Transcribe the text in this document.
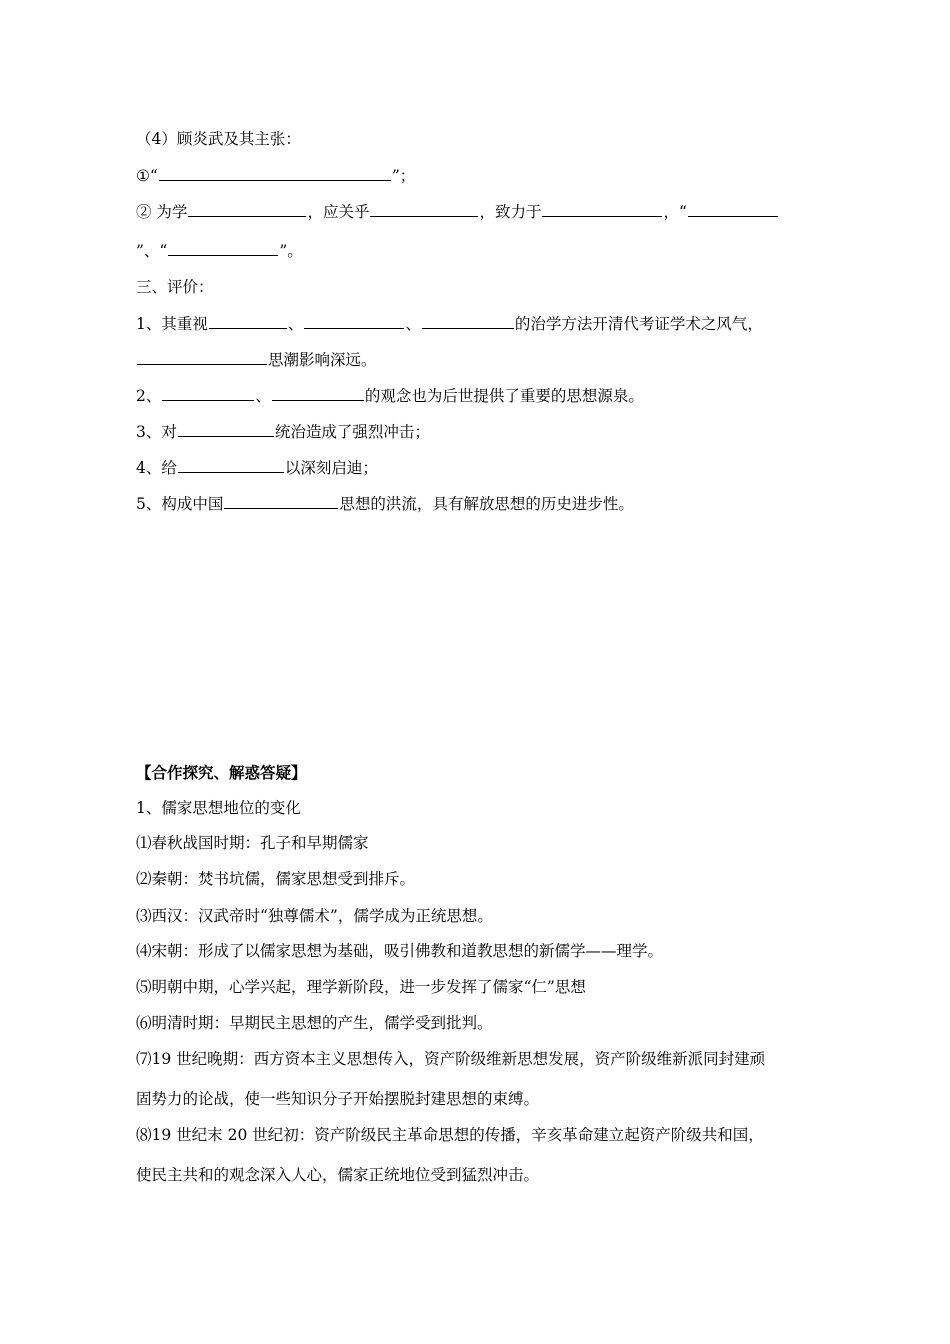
（4）顾炎武及其主张：
①“	”；
② 为学	，应关乎	，致力于	，“
”、“	”。
三、评价：
1、其重视	、	、	的治学方法开清代考证学术之风气，
思潮影响深远。
2、	、	的观念也为后世提供了重要的思想源泉。
3、对	统治造成了强烈冲击；
4、给	以深刻启迪；
5、构成中国	思想的洪流，具有解放思想的历史进步性。
【合作探究、解惑答疑】
1、儒家思想地位的变化
⑴春秋战国时期：孔子和早期儒家
⑵秦朝：焚书坑儒，儒家思想受到排斥。
⑶西汉：汉武帝时“独尊儒术”，儒学成为正统思想。
⑷宋朝：形成了以儒家思想为基础，吸引佛教和道教思想的新儒学——理学。
⑸明朝中期，心学兴起，理学新阶段，进一步发挥了儒家“仁”思想
⑹明清时期：早期民主思想的产生，儒学受到批判。
⑺19 世纪晚期：西方资本主义思想传入，资产阶级维新思想发展，资产阶级维新派同封建顽
固势力的论战，使一些知识分子开始摆脱封建思想的束缚。
⑻19 世纪末 20 世纪初：资产阶级民主革命思想的传播，辛亥革命建立起资产阶级共和国，
使民主共和的观念深入人心，儒家正统地位受到猛烈冲击。
